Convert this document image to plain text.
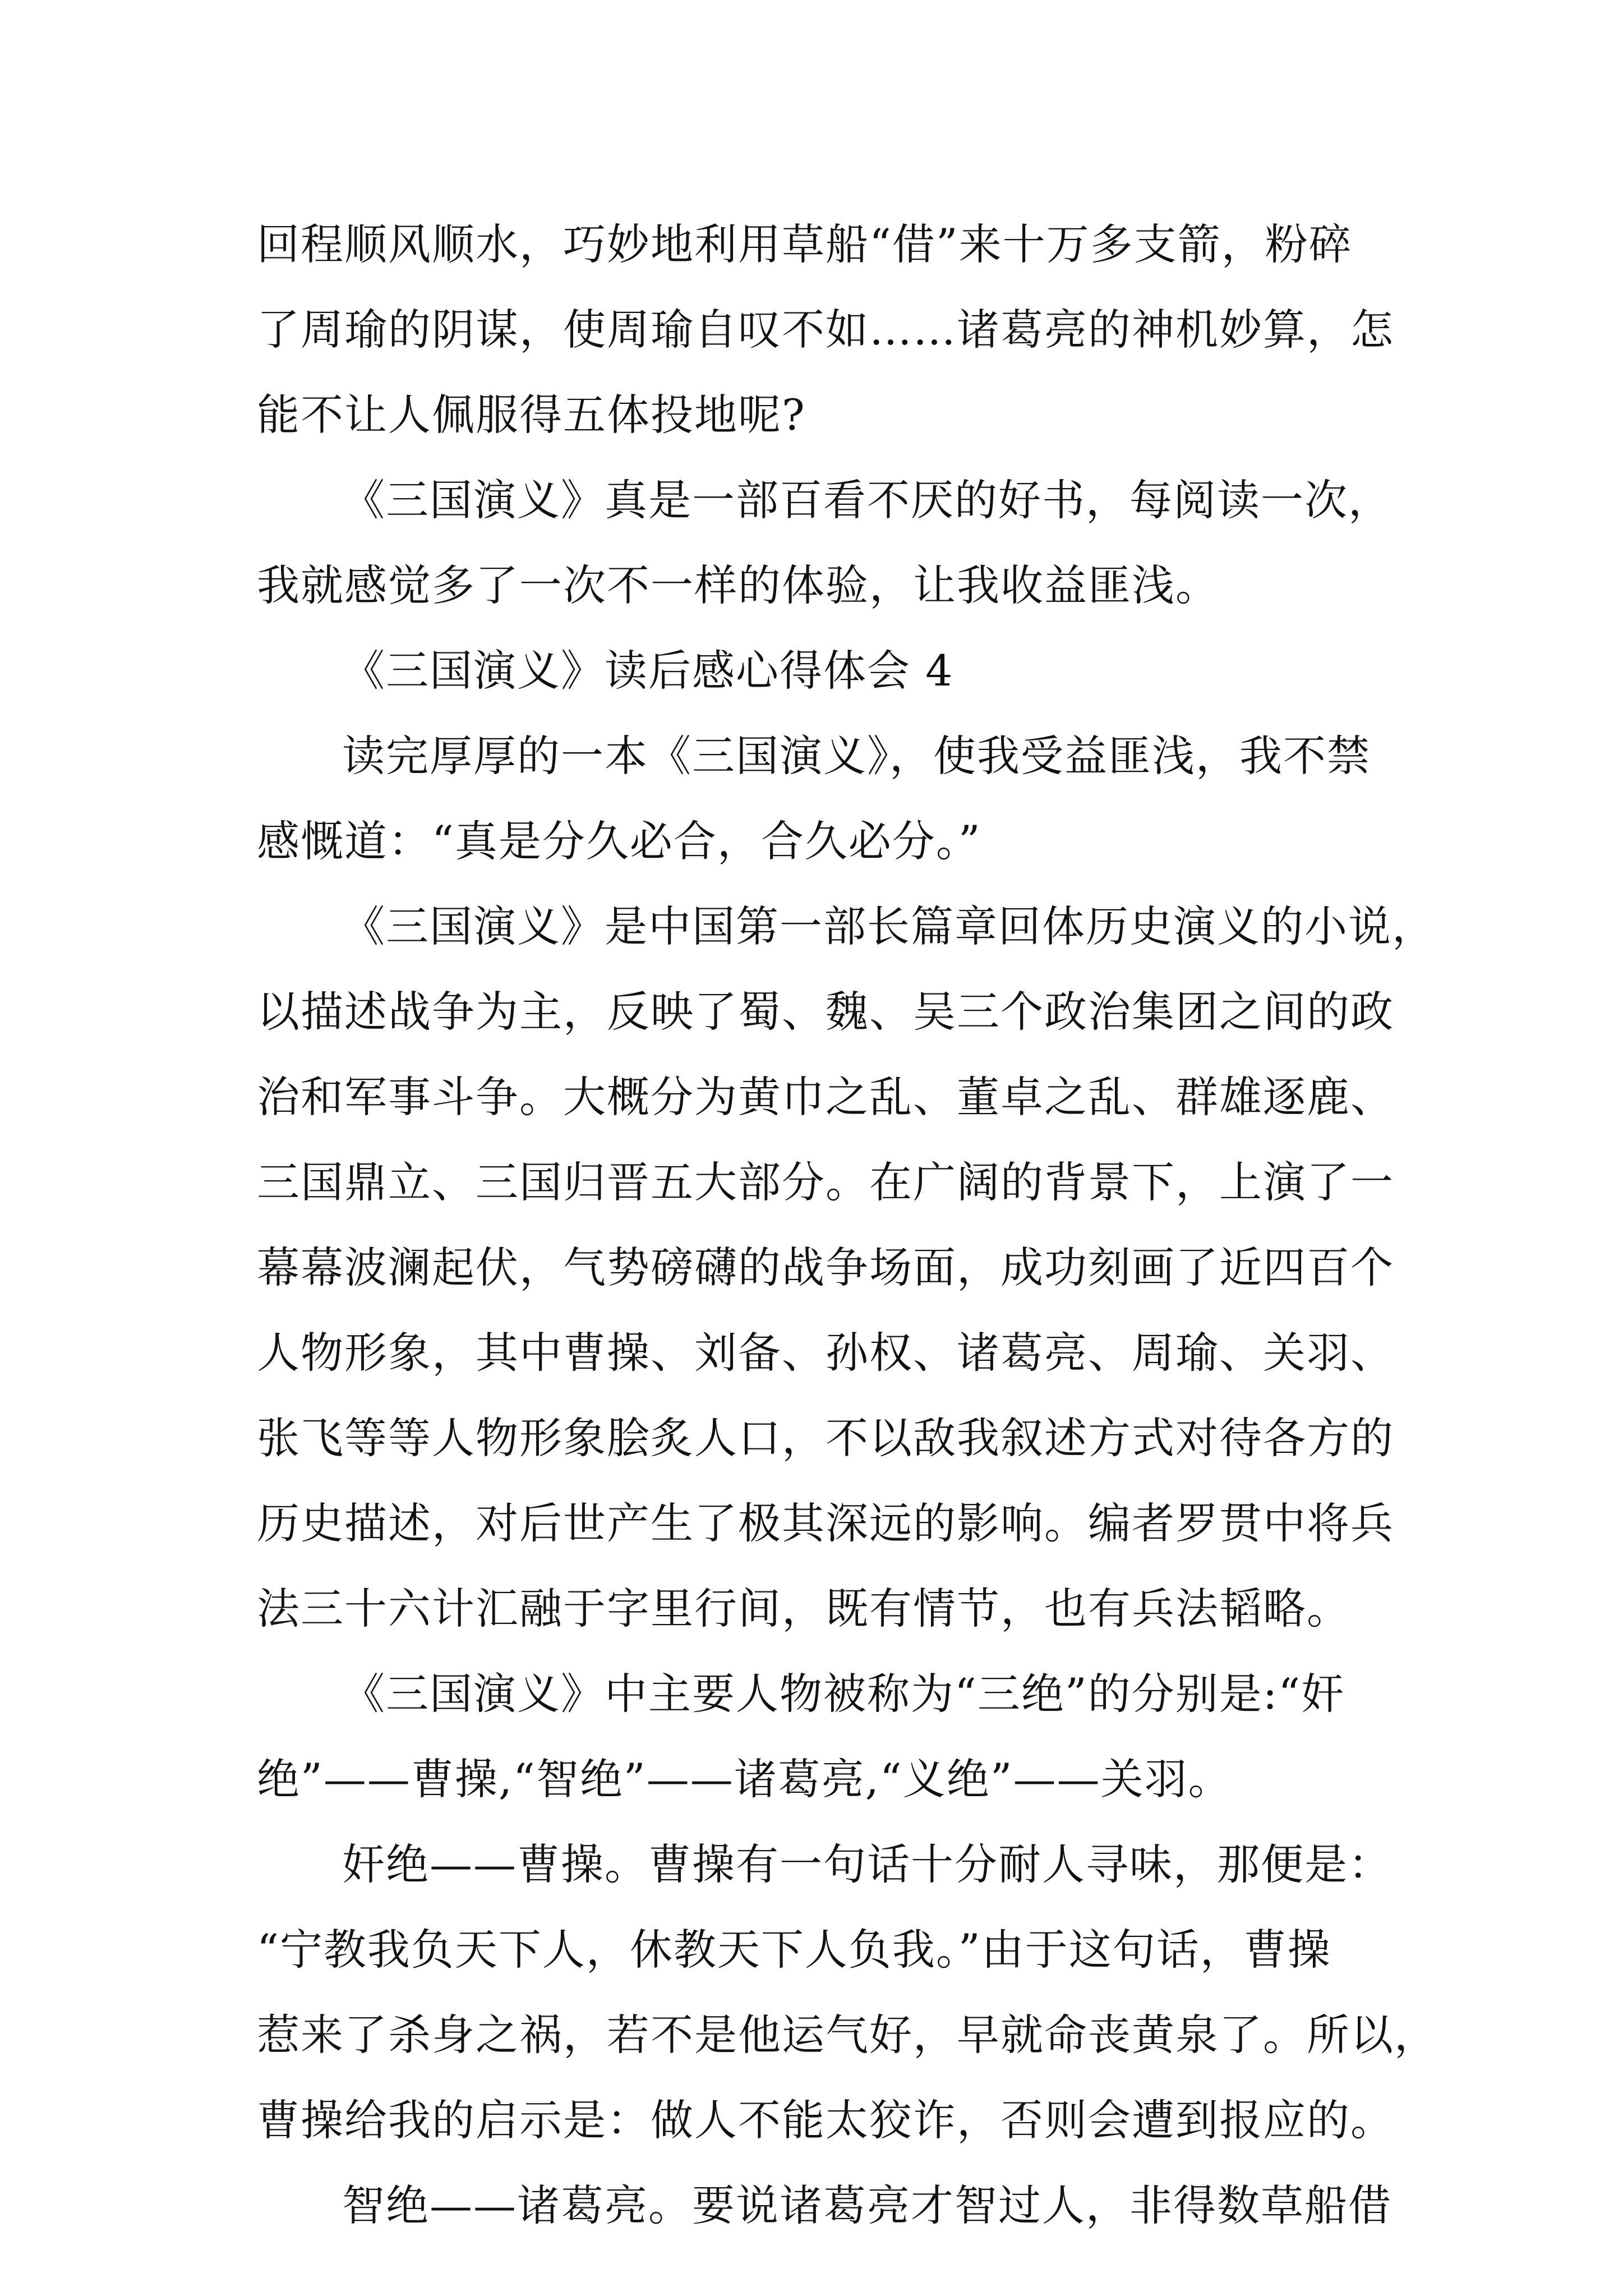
回程顺风顺水，巧妙地利用草船“借”来十万多支箭，粉碎
了周瑜的阴谋，使周瑜自叹不如……诸葛亮的神机妙算，怎
能不让人佩服得五体投地呢?
《三国演义》真是一部百看不厌的好书，每阅读一次，
我就感觉多了一次不一样的体验，让我收益匪浅。
《三国演义》读后感心得体会 4
读完厚厚的一本《三国演义》，使我受益匪浅，我不禁
感慨道：“真是分久必合，合久必分。”
《三国演义》是中国第一部长篇章回体历史演义的小说，
以描述战争为主，反映了蜀、魏、吴三个政治集团之间的政
治和军事斗争。大概分为黄巾之乱、董卓之乱、群雄逐鹿、
三国鼎立、三国归晋五大部分。在广阔的背景下，上演了一
幕幕波澜起伏，气势磅礴的战争场面，成功刻画了近四百个
人物形象，其中曹操、刘备、孙权、诸葛亮、周瑜、关羽、
张飞等等人物形象脍炙人口，不以敌我叙述方式对待各方的
历史描述，对后世产生了极其深远的影响。编者罗贯中将兵
法三十六计汇融于字里行间，既有情节，也有兵法韬略。
《三国演义》中主要人物被称为“三绝”的分别是:“奸
绝”——曹操,“智绝”——诸葛亮,“义绝”——关羽。
奸绝——曹操。曹操有一句话十分耐人寻味，那便是：
“宁教我负天下人，休教天下人负我。”由于这句话，曹操
惹来了杀身之祸，若不是他运气好，早就命丧黄泉了。所以，
曹操给我的启示是：做人不能太狡诈，否则会遭到报应的。
智绝——诸葛亮。要说诸葛亮才智过人，非得数草船借
